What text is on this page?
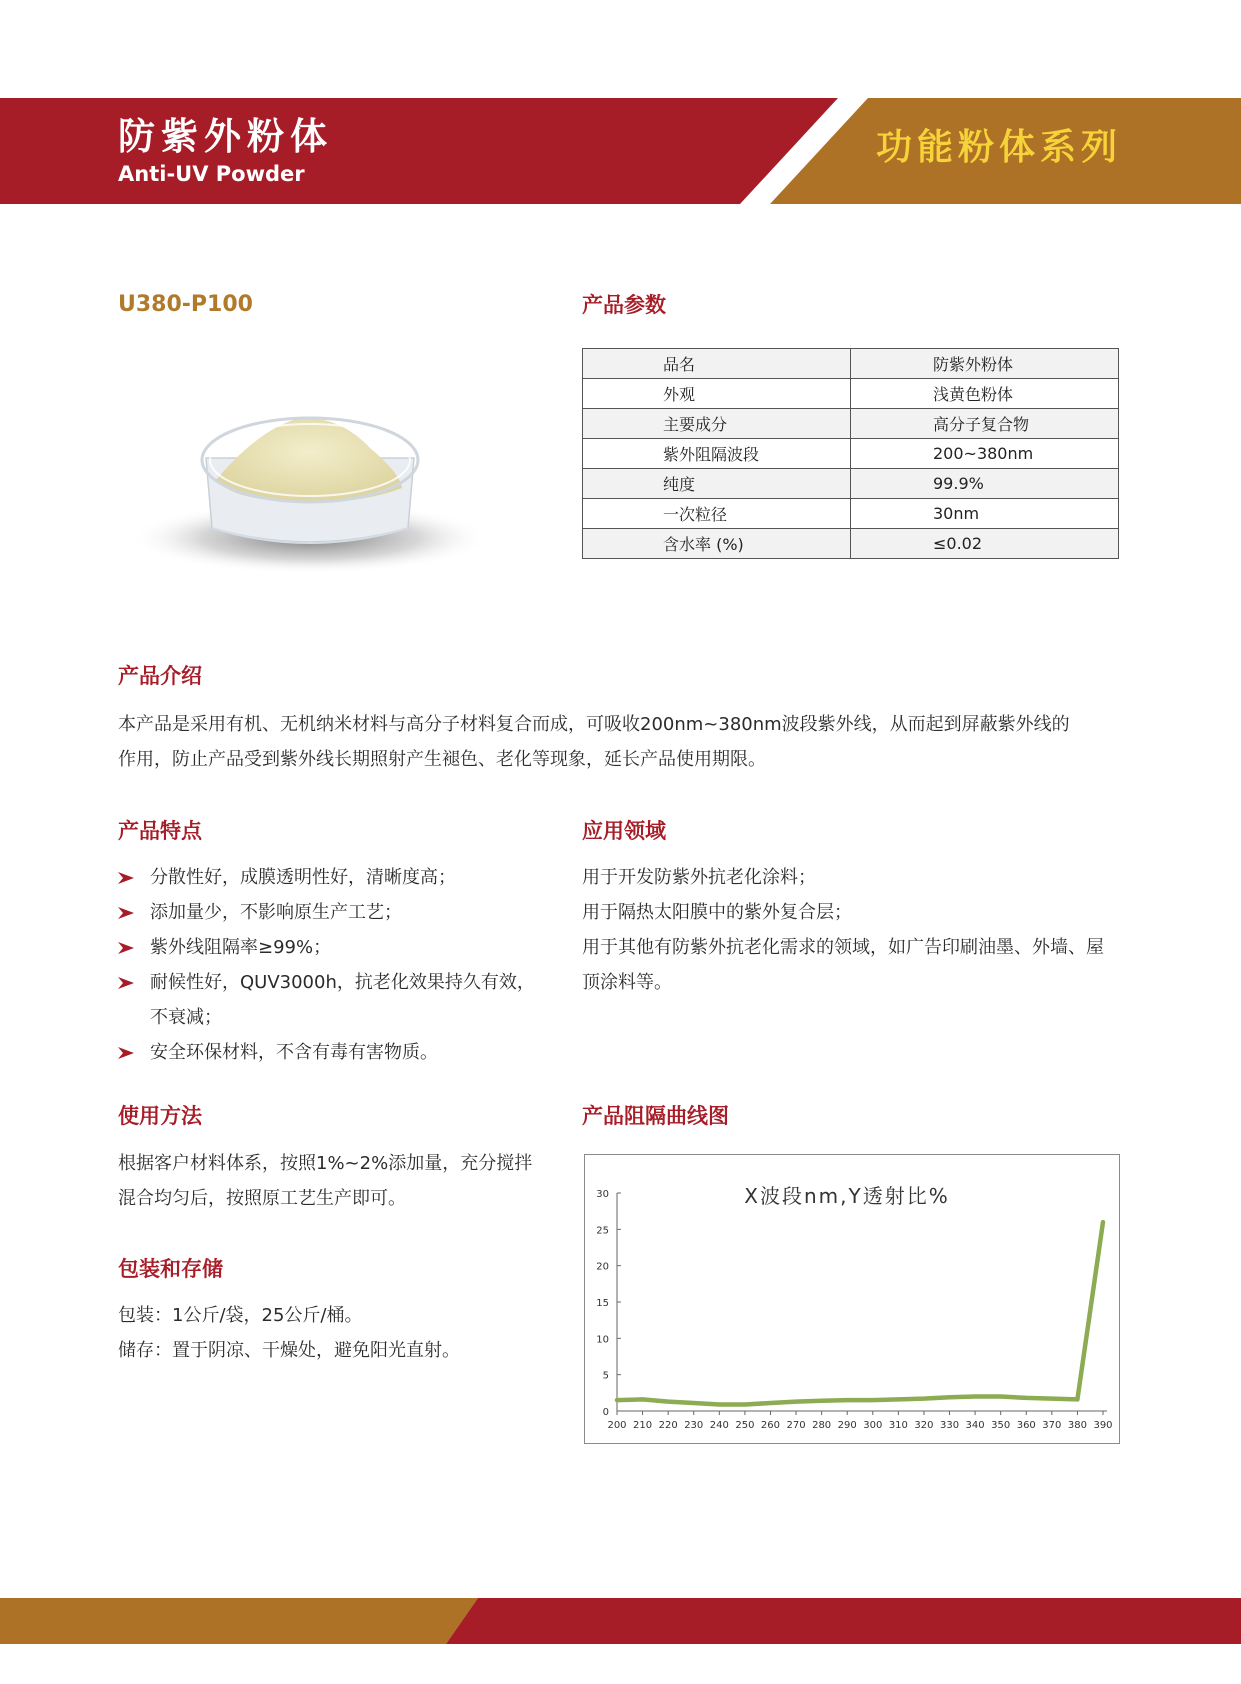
防紫外粉体
Anti-UV Powder
功能粉体系列
U380-P100	产品参数
品名	防紫外粉体
外观	浅黄色粉体
主要成分	高分子复合物
紫外阻隔波段	200~380nm
纯度	99.9%
一次粒径	30nm
含水率 (%)	≤0.02
产品介绍
本产品是采用有机、无机纳米材料与高分子材料复合而成，可吸收200nm~380nm波段紫外线，从而起到屏蔽紫外线的
作用，防止产品受到紫外线长期照射产生褪色、老化等现象，延长产品使用期限。
产品特点
分散性好，成膜透明性好，清晰度高；
添加量少，不影响原生产工艺；
紫外线阻隔率≥99%；
耐候性好，QUV3000h，抗老化效果持久有效，
不衰减；
安全环保材料，不含有毒有害物质。
应用领域
用于开发防紫外抗老化涂料；
用于隔热太阳膜中的紫外复合层；
用于其他有防紫外抗老化需求的领域，如广告印刷油墨、外墙、屋
顶涂料等。
使用方法
根据客户材料体系，按照1%~2%添加量，充分搅拌
混合均匀后，按照原工艺生产即可。
包装和存储
包装：1公斤/袋，25公斤/桶。
储存：置于阴凉、干燥处，避免阳光直射。
产品阻隔曲线图
X波段nm,Y透射比%
0
5
10
15
20
25
30
200 210 220 230 240 250 260 270 280 290 300 310 320 330 340 350 360 370 380 390
